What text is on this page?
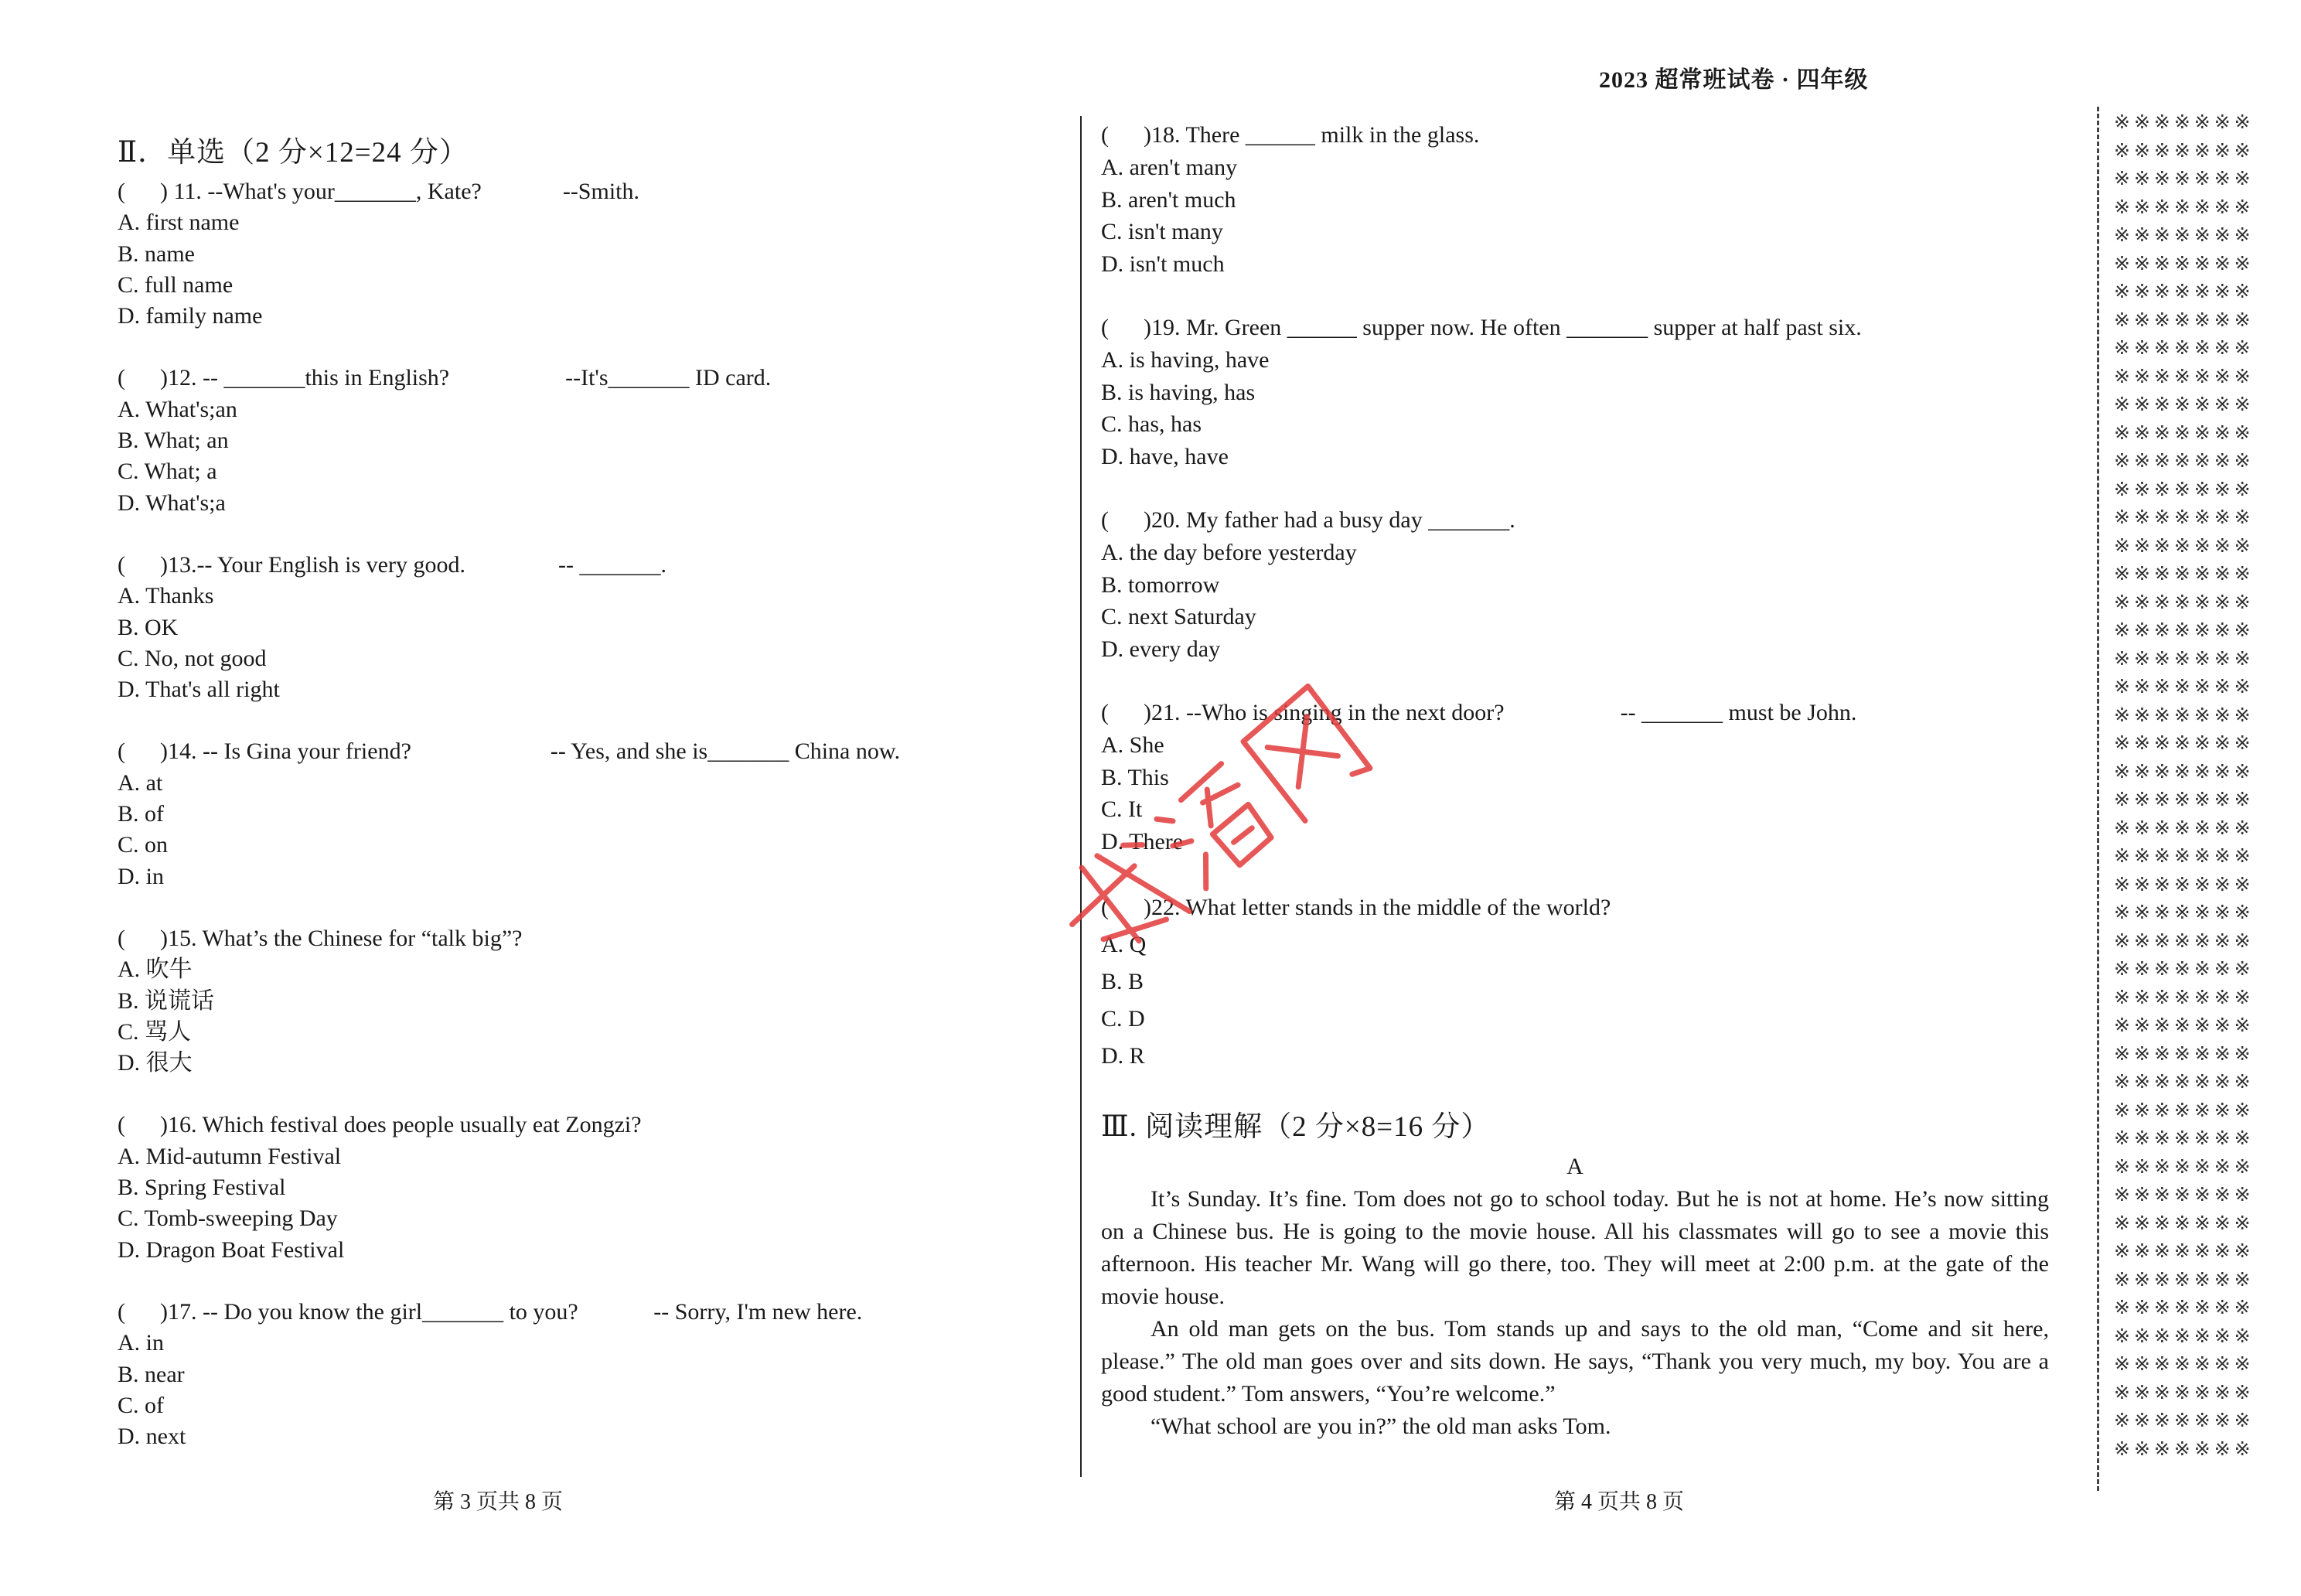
2023 超常班试卷 · 四年级
Ⅱ．单选（2 分×12=24 分）
(      ) 11. --What's your_______, Kate?              --Smith.
A. first name
B. name
C. full name
D. family name
(      )12. -- _______this in English?                    --It's_______ ID card.
A. What's;an
B. What; an
C. What; a
D. What's;a
(      )13.-- Your English is very good.                -- _______.
A. Thanks
B. OK
C. No, not good
D. That's all right
(      )14. -- Is Gina your friend?                        -- Yes, and she is_______ China now.
A. at
B. of
C. on
D. in
(      )15. What’s the Chinese for “talk big”?
A. 吹牛
B. 说谎话
C. 骂人
D. 很大
(      )16. Which festival does people usually eat Zongzi?
A. Mid-autumn Festival
B. Spring Festival
C. Tomb-sweeping Day
D. Dragon Boat Festival
(      )17. -- Do you know the girl_______ to you?             -- Sorry, I'm new here.
A. in
B. near
C. of
D. next
(      )18. There ______ milk in the glass.
A. aren't many
B. aren't much
C. isn't many
D. isn't much
(      )19. Mr. Green ______ supper now. He often _______ supper at half past six.
A. is having, have
B. is having, has
C. has, has
D. have, have
(      )20. My father had a busy day _______.
A. the day before yesterday
B. tomorrow
C. next Saturday
D. every day
(      )21. --Who is singing in the next door?                    -- _______ must be John.
A. She
B. This
C. It
D. There
(      )22. What letter stands in the middle of the world?
A. Q
B. B
C. D
D. R
Ⅲ. 阅读理解（2 分×8=16 分）
A

It’s Sunday. It’s fine. Tom does not go to school today. But he is not at home. He’s now sitting on a Chinese bus. He is going to the movie house. All his classmates will go to see a movie this afternoon. His teacher Mr. Wang will go there, too. They will meet at 2:00 p.m. at the gate of the movie house.

An old man gets on the bus. Tom stands up and says to the old man, “Come and sit here, please.” The old man goes over and sits down. He says, “Thank you very much, my boy. You are a good student.” Tom answers, “You’re welcome.”

“What school are you in?” the old man asks Tom.

※※※※※※※
※※※※※※※
※※※※※※※
※※※※※※※
※※※※※※※
※※※※※※※
※※※※※※※
※※※※※※※
※※※※※※※
※※※※※※※
※※※※※※※
※※※※※※※
※※※※※※※
※※※※※※※
※※※※※※※
※※※※※※※
※※※※※※※
※※※※※※※
※※※※※※※
※※※※※※※
※※※※※※※
※※※※※※※
※※※※※※※
※※※※※※※
※※※※※※※
※※※※※※※
※※※※※※※
※※※※※※※
※※※※※※※
※※※※※※※
※※※※※※※
※※※※※※※
※※※※※※※
※※※※※※※
※※※※※※※
※※※※※※※
※※※※※※※
※※※※※※※
※※※※※※※
※※※※※※※
※※※※※※※
※※※※※※※
※※※※※※※
※※※※※※※
※※※※※※※
※※※※※※※
※※※※※※※
※※※※※※※
第 3 页共 8 页	第 4 页共 8 页
